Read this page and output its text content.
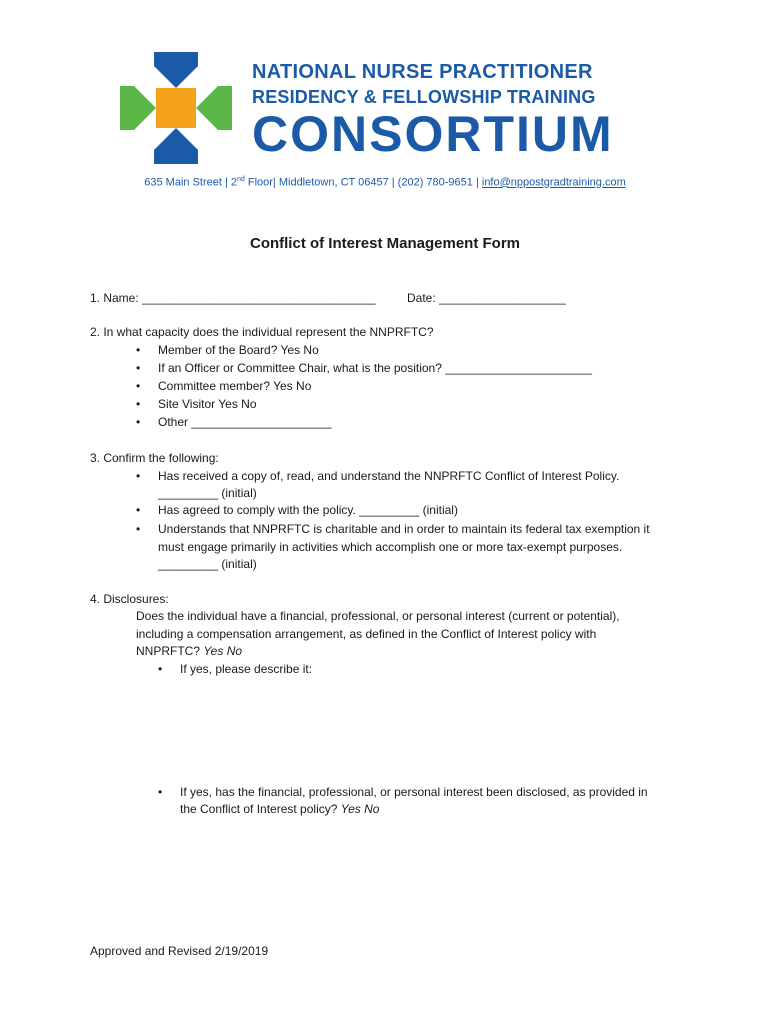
NATIONAL NURSE PRACTITIONER
RESIDENCY & FELLOWSHIP TRAINING
CONSORTIUM
635 Main Street | 2nd Floor| Middletown, CT 06457 | (202) 780-9651 | info@nppostgradtraining.com
Conflict of Interest Management Form
1. Name: ___________________________________	Date: ___________________
2. In what capacity does the individual represent the NNPRFTC?
• Member of the Board? Yes No
• If an Officer or Committee Chair, what is the position? ______________________
• Committee member? Yes No
• Site Visitor Yes No
• Other _____________________
3. Confirm the following:
• Has received a copy of, read, and understand the NNPRFTC Conflict of Interest Policy.
_________ (initial)
• Has agreed to comply with the policy. _________ (initial)
• Understands that NNPRFTC is charitable and in order to maintain its federal tax exemption it
must engage primarily in activities which accomplish one or more tax-exempt purposes.
_________ (initial)
4. Disclosures:
Does the individual have a financial, professional, or personal interest (current or potential),
including a compensation arrangement, as defined in the Conflict of Interest policy with
NNPRFTC? Yes No
• If yes, please describe it:
• If yes, has the financial, professional, or personal interest been disclosed, as provided in
the Conflict of Interest policy? Yes No
Approved and Revised 2/19/2019
